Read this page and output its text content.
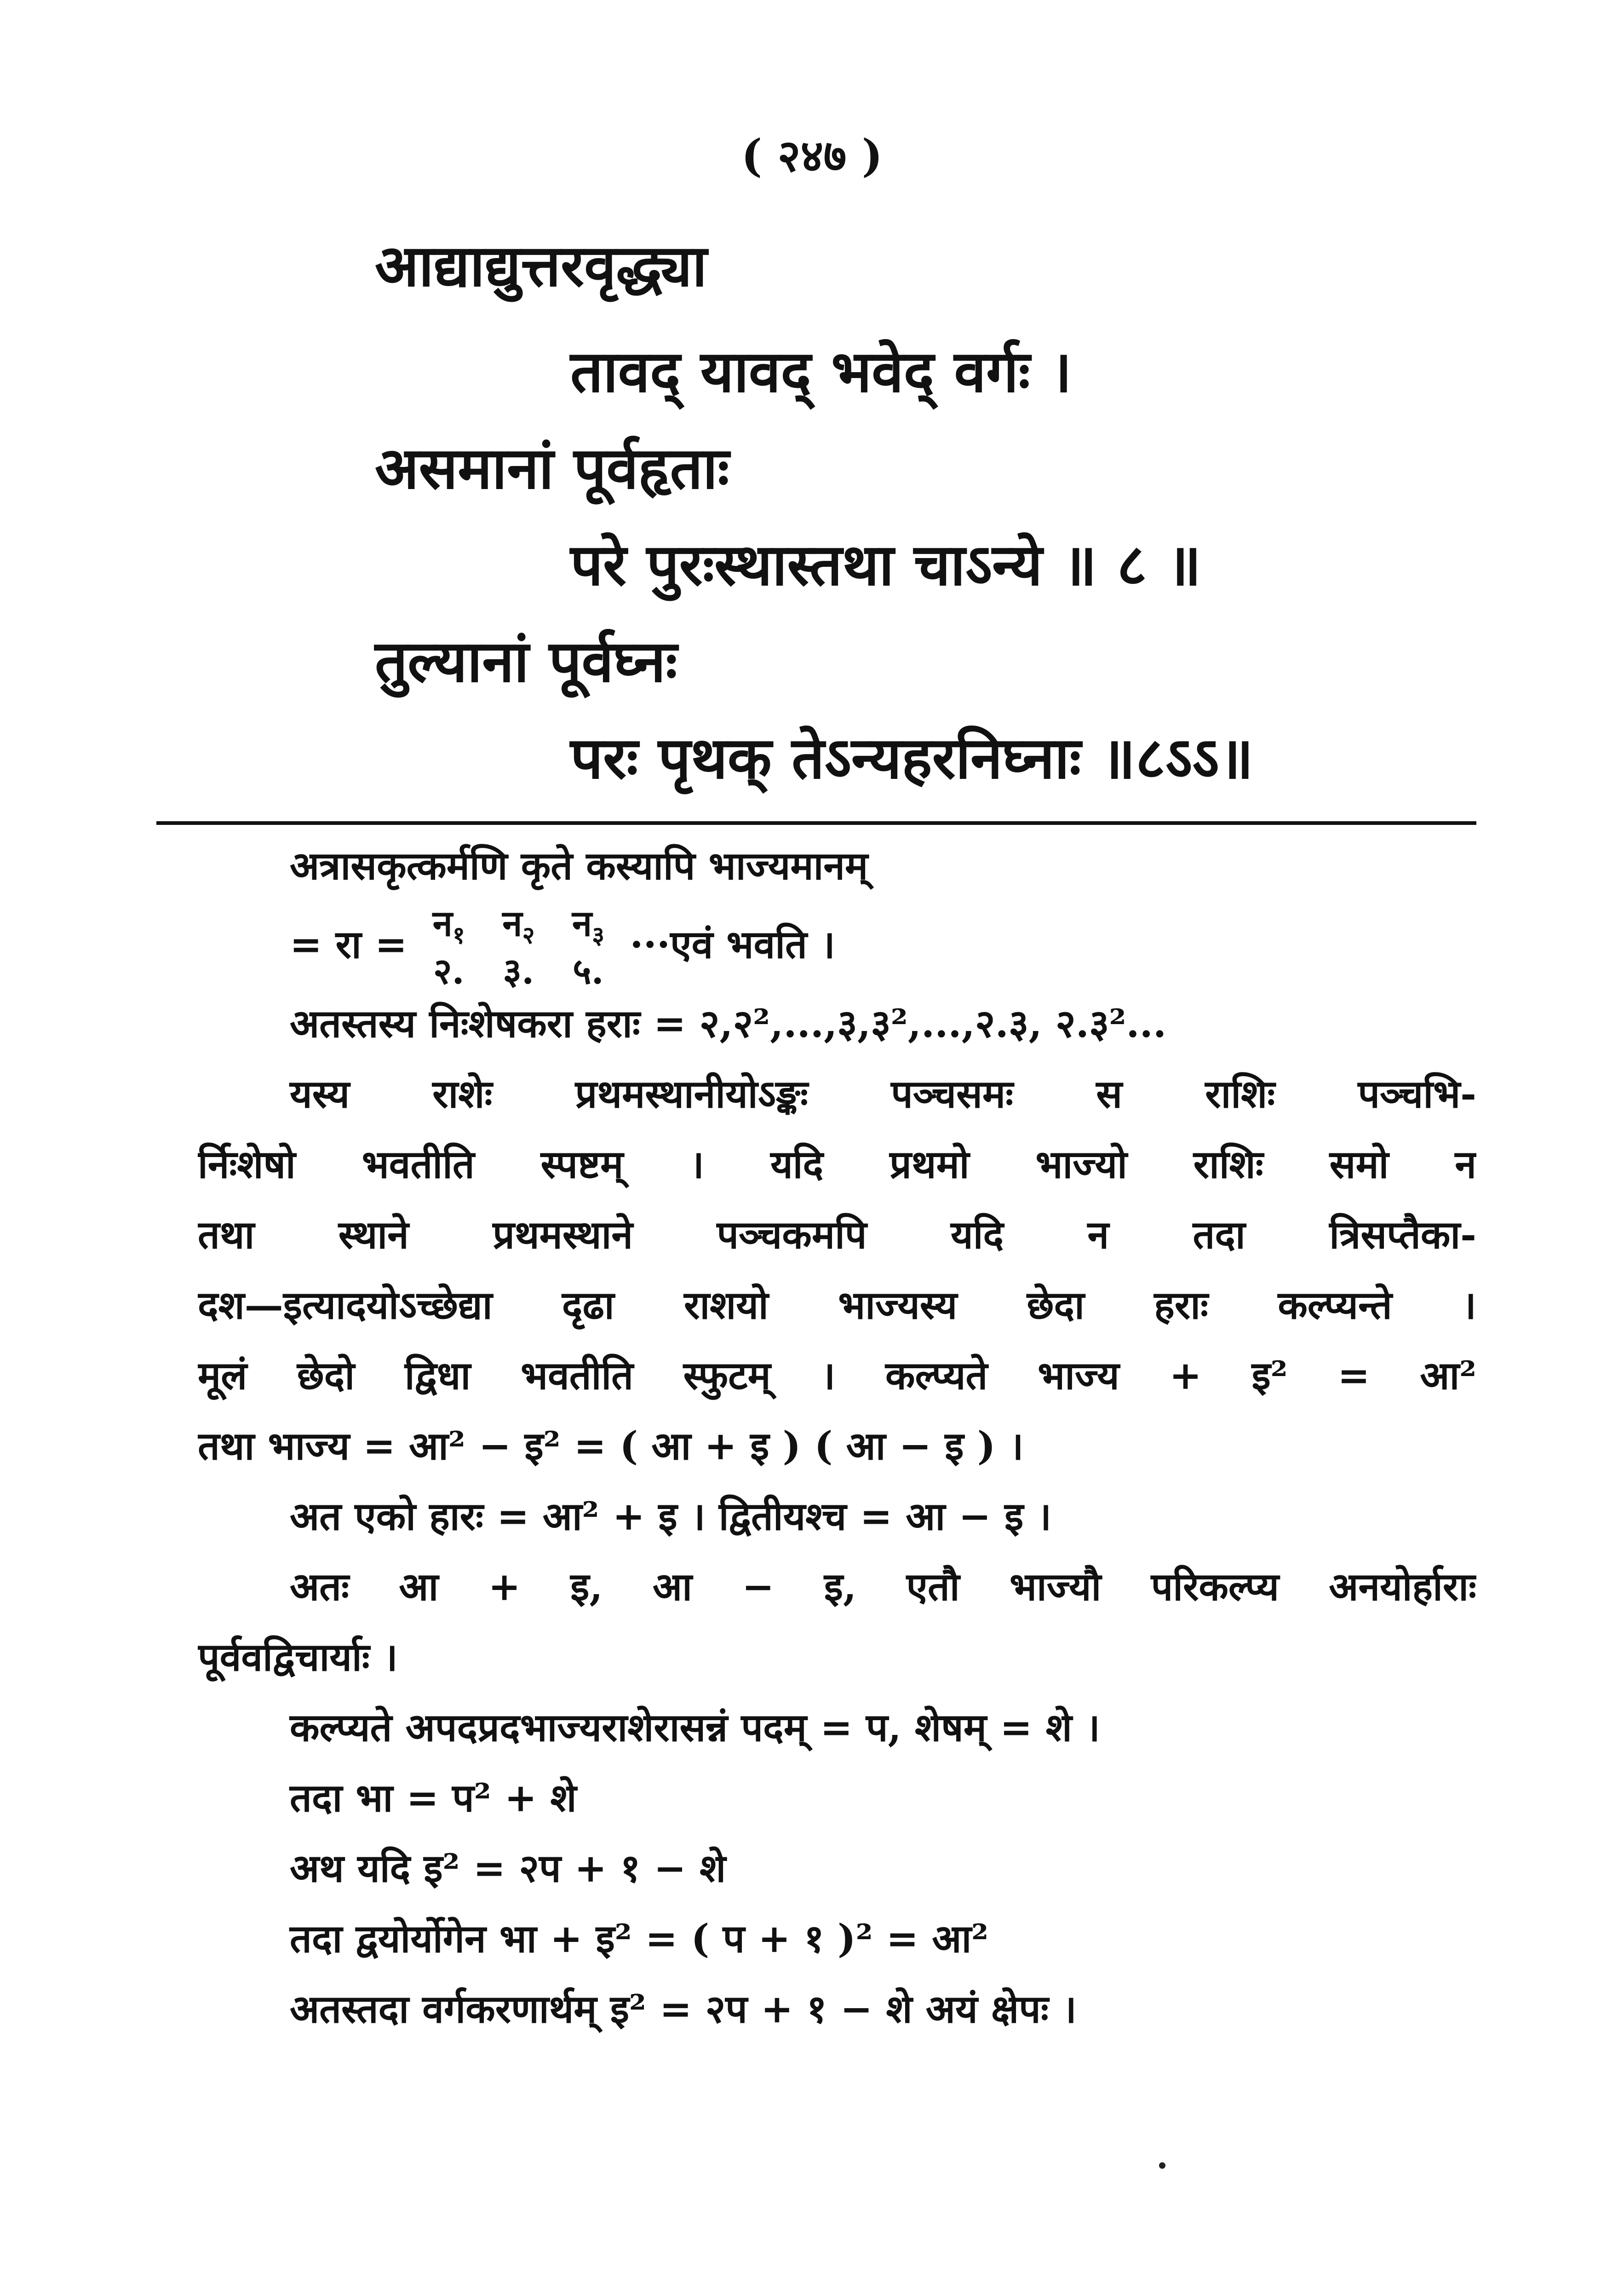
( २४७ )
आद्याद्युत्तरवृद्ध्या
तावद् यावद् भवेद् वर्गः ।
असमानां पूर्वहृताः
परे पुरःस्थास्तथा चाऽन्ये ॥ ८ ॥
तुल्यानां पूर्वघ्नः
परः पृथक् तेऽन्यहरनिघ्नाः ॥८ऽऽ॥
अत्रासकृत्कर्मणि कृते कस्यापि भाज्यमानम्
= रा = न$_१$
२.

न$_२$
३.

न$_३$
५.
···एवं भवति ।
अतस्तस्य निःशेषकरा हराः = २,२²,...,३,३²,...,२.३, २.३²...
यस्य राशेः प्रथमस्थानीयोऽङ्कः पञ्चसमः स राशिः पञ्चभि-
र्निःशेषो भवतीति स्पष्टम् । यदि प्रथमो भाज्यो राशिः समो न
तथा स्थाने प्रथमस्थाने पञ्चकमपि यदि न तदा त्रिसप्तैका-
दश—इत्यादयोऽच्छेद्या दृढा राशयो भाज्यस्य छेदा हराः कल्प्यन्ते ।
मूलं छेदो द्विधा भवतीति स्फुटम् । कल्प्यते भाज्य + इ² = आ²
तथा भाज्य = आ² − इ² = ( आ + इ ) ( आ − इ ) ।
अत एको हारः = आ² + इ । द्वितीयश्च = आ − इ ।
अतः आ + इ, आ − इ, एतौ भाज्यौ परिकल्प्य अनयोर्हाराः
पूर्ववद्विचार्याः ।
कल्प्यते अपदप्रदभाज्यराशेरासन्नं पदम् = प, शेषम् = शे ।
तदा भा = प² + शे
अथ यदि इ² = २प + १ − शे
तदा द्वयोर्योगेन भा + इ² = ( प + १ )² = आ²
अतस्तदा वर्गकरणार्थम् इ² = २प + १ − शे अयं क्षेपः ।
